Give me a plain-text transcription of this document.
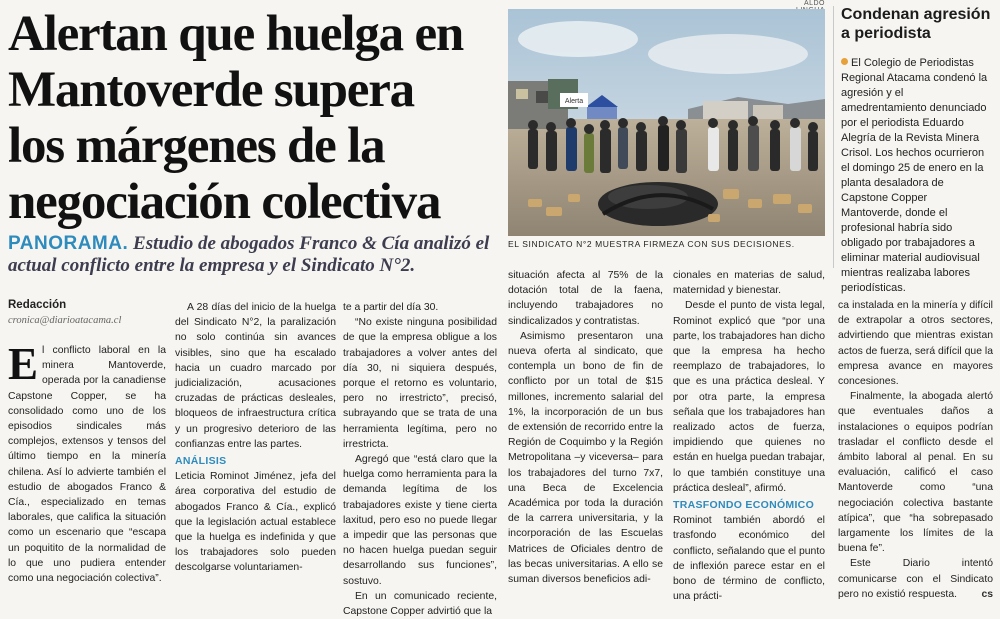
Alertan que huelga en
Mantoverde supera
los márgenes de la
negociación colectiva
ALDO
Alerta
EL SINDICATO N°2 MUESTRA FIRMEZA CON SUS DECISIONES.
PANORAMA. Estudio de abogados Franco & Cía analizó el actual conflicto entre la empresa y el Sindicato N°2.
Condenan agresión a periodista
El Colegio de Periodistas Regional Atacama condenó la agresión y el amedrentamiento denunciado por el periodista Eduardo Alegría de la Revista Minera Crisol. Los hechos ocurrieron el domingo 25 de enero en la planta desaladora de Capstone Copper Mantoverde, donde el profesional habría sido obligado por trabajadores a eliminar material audiovisual mientras realizaba labores periodísticas.
Redacción
cronica@diarioatacama.cl

El conflicto laboral en la minera Mantoverde, operada por la canadiense Capstone Copper, se ha consolidado como uno de los episodios sindicales más complejos, extensos y tensos del último tiempo en la minería chilena. Así lo advierte también el estudio de abogados Franco & Cía., especializado en temas laborales, que califica la situación como un escenario que “escapa un poquitito de la normalidad de lo que uno pudiera entender como una negociación colectiva”.

A 28 días del inicio de la huelga del Sindicato N°2, la paralización no solo continúa sin avances visibles, sino que ha escalado hacia un cuadro marcado por judicialización, acusaciones cruzadas de prácticas desleales, bloqueos de infraestructura crítica y un progresivo deterioro de las confianzas entre las partes.

ANÁLISIS

Leticia Rominot Jiménez, jefa del área corporativa del estudio de abogados Franco & Cía., explicó que la legislación actual establece que la huelga es indefinida y que los trabajadores solo pueden descolgarse voluntariamen-

te a partir del día 30.

“No existe ninguna posibilidad de que la empresa obligue a los trabajadores a volver antes del día 30, ni siquiera después, porque el retorno es voluntario, pero no irrestricto”, precisó, subrayando que se trata de una herramienta legítima, pero no irrestricta.

Agregó que “está claro que la huelga como herramienta para la demanda legítima de los trabajadores existe y tiene cierta laxitud, pero eso no puede llegar a impedir que las personas que no hacen huelga puedan seguir desarrollando sus funciones”, sostuvo.

En un comunicado reciente, Capstone Copper advirtió que la

situación afecta al 75% de la dotación total de la faena, incluyendo trabajadores no sindicalizados y contratistas.

Asimismo presentaron una nueva oferta al sindicato, que contempla un bono de fin de conflicto por un total de $15 millones, incremento salarial del 1%, la incorporación de un bus de extensión de recorrido entre la Región de Coquimbo y la Región Metropolitana –y viceversa– para los trabajadores del turno 7x7, una Beca de Excelencia Académica por toda la duración de la carrera universitaria, y la incorporación de las Escuelas Matrices de Oficiales dentro de las becas universitarias. A ello se suman diversos beneficios adi-

cionales en materias de salud, maternidad y bienestar.

Desde el punto de vista legal, Rominot explicó que “por una parte, los trabajadores han dicho que la empresa ha hecho reemplazo de trabajadores, lo que es una práctica desleal. Y por otra parte, la empresa señala que los trabajadores han realizado actos de fuerza, impidiendo que quienes no están en huelga puedan trabajar, lo que también constituye una práctica desleal”, afirmó.

TRASFONDO ECONÓMICO

Rominot también abordó el trasfondo económico del conflicto, señalando que el punto de inflexión parece estar en el bono de término de conflicto, una prácti-

ca instalada en la minería y difícil de extrapolar a otros sectores, advirtiendo que mientras existan actos de fuerza, será difícil que la empresa avance en mayores concesiones.

Finalmente, la abogada alertó que eventuales daños a instalaciones o equipos podrían trasladar el conflicto desde el ámbito laboral al penal. En su evaluación, calificó el caso Mantoverde como “una negociación colectiva bastante atípica”, que “ha sobrepasado largamente los límites de la buena fe”.

Este Diario intentó comunicarse con el Sindicato pero no existió respuesta.	cs
